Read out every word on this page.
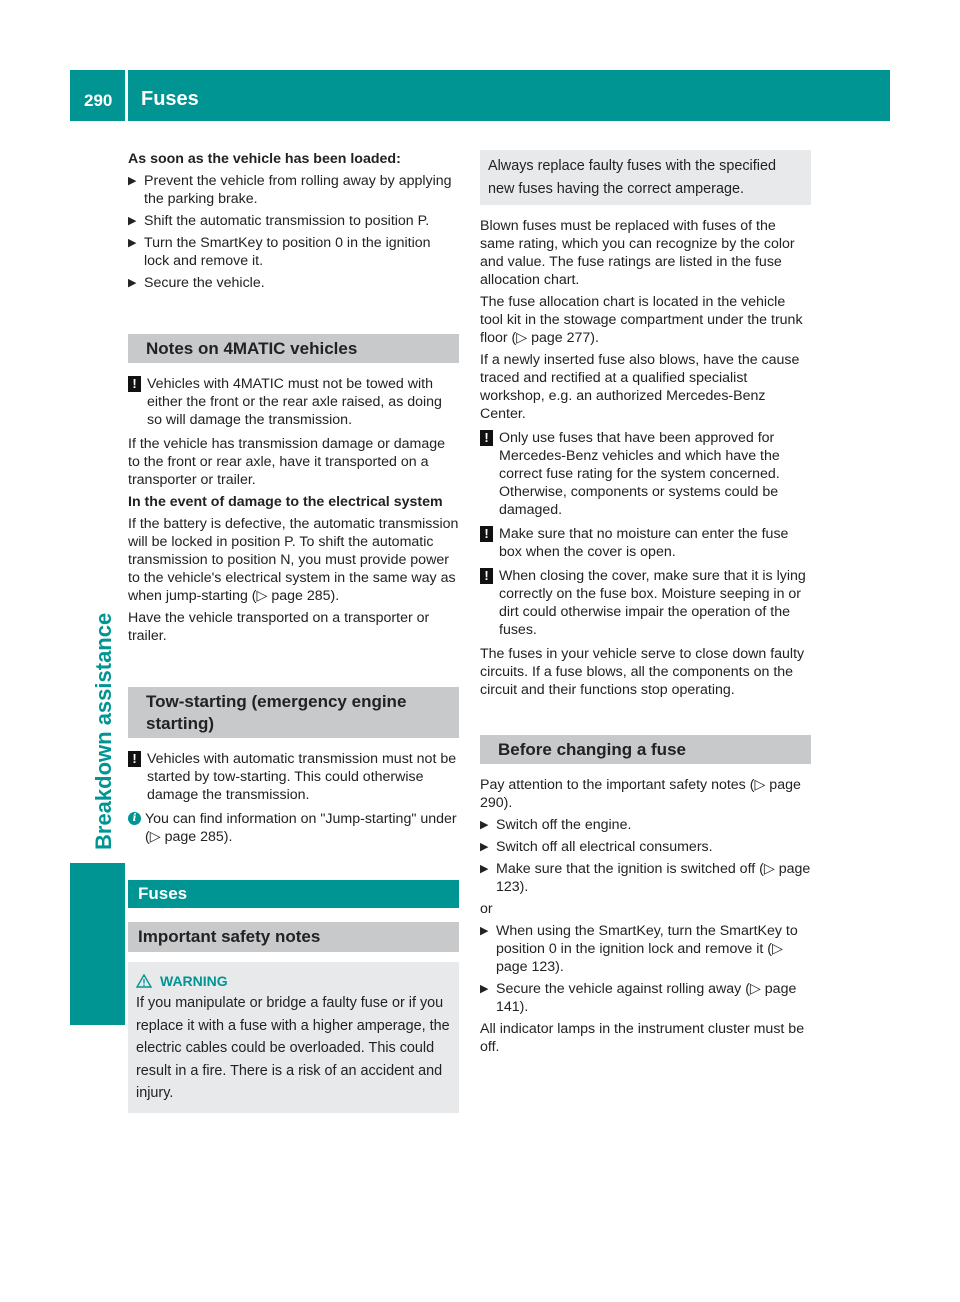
290 Fuses
Breakdown assistance

As soon as the vehicle has been loaded:

▶ Prevent the vehicle from rolling away by applying the parking brake.
▶ Shift the automatic transmission to position P.
▶ Turn the SmartKey to position 0 in the ignition lock and remove it.
▶ Secure the vehicle.
Notes on 4MATIC vehicles
! Vehicles with 4MATIC must not be towed with either the front or the rear axle raised, as doing so will damage the transmission.

If the vehicle has transmission damage or damage to the front or rear axle, have it transported on a transporter or trailer.

In the event of damage to the electrical system

If the battery is defective, the automatic transmission will be locked in position P. To shift the automatic transmission to position N, you must provide power to the vehicle's electrical system in the same way as when jump-starting (▷ page 285).

Have the vehicle transported on a transporter or trailer.

Tow-starting (emergency engine starting)
! Vehicles with automatic transmission must not be started by tow-starting. This could otherwise damage the transmission.
i You can find information on "Jump-starting" under (▷ page 285).
Fuses
Important safety notes
WARNING
If you manipulate or bridge a faulty fuse or if you replace it with a fuse with a higher amperage, the electric cables could be overloaded. This could result in a fire. There is a risk of an accident and injury.
Always replace faulty fuses with the specified new fuses having the correct amperage.

Blown fuses must be replaced with fuses of the same rating, which you can recognize by the color and value. The fuse ratings are listed in the fuse allocation chart.

The fuse allocation chart is located in the vehicle tool kit in the stowage compartment under the trunk floor (▷ page 277).

If a newly inserted fuse also blows, have the cause traced and rectified at a qualified specialist workshop, e.g. an authorized Mercedes-Benz Center.

! Only use fuses that have been approved for Mercedes-Benz vehicles and which have the correct fuse rating for the system concerned. Otherwise, components or systems could be damaged.
! Make sure that no moisture can enter the fuse box when the cover is open.
! When closing the cover, make sure that it is lying correctly on the fuse box. Moisture seeping in or dirt could otherwise impair the operation of the fuses.

The fuses in your vehicle serve to close down faulty circuits. If a fuse blows, all the components on the circuit and their functions stop operating.

Before changing a fuse

Pay attention to the important safety notes (▷ page 290).

▶ Switch off the engine.
▶ Switch off all electrical consumers.
▶ Make sure that the ignition is switched off (▷ page 123).

or

▶ When using the SmartKey, turn the SmartKey to position 0 in the ignition lock and remove it (▷ page 123).
▶ Secure the vehicle against rolling away (▷ page 141).

All indicator lamps in the instrument cluster must be off.
